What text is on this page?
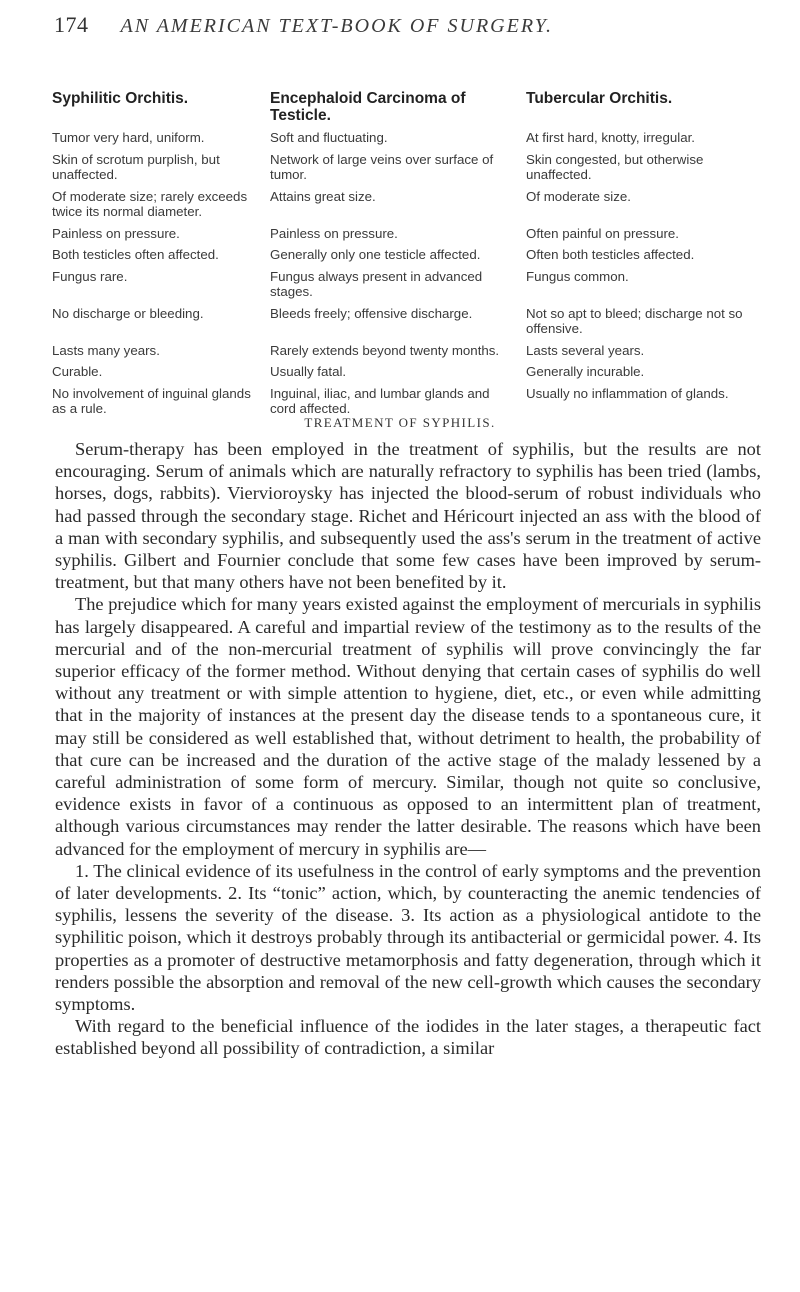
174 AN AMERICAN TEXT-BOOK OF SURGERY.
Syphilitic Orchitis.	Encephaloid Carcinoma of Testicle.	Tubercular Orchitis.
Tumor very hard, uniform.	Soft and fluctuating.	At first hard, knotty, irregular.
Skin of scrotum purplish, but unaffected.	Network of large veins over surface of tumor.	Skin congested, but otherwise unaffected.
Of moderate size; rarely exceeds twice its normal diameter.	Attains great size.	Of moderate size.
Painless on pressure.	Painless on pressure.	Often painful on pressure.
Both testicles often affected.	Generally only one testicle affected.	Often both testicles affected.
Fungus rare.	Fungus always present in advanced stages.	Fungus common.
No discharge or bleeding.	Bleeds freely; offensive discharge.	Not so apt to bleed; discharge not so offensive.
Lasts many years.	Rarely extends beyond twenty months.	Lasts several years.
Curable.	Usually fatal.	Generally incurable.
No involvement of inguinal glands as a rule.	Inguinal, iliac, and lumbar glands and cord affected.	Usually no inflammation of glands.
TREATMENT OF SYPHILIS.

Serum-therapy has been employed in the treatment of syphilis, but the results are not encouraging. Serum of animals which are naturally refractory to syphilis has been tried (lambs, horses, dogs, rabbits). Viervioroysky has injected the blood-serum of robust individuals who had passed through the secondary stage. Richet and Héricourt injected an ass with the blood of a man with secondary syphilis, and subsequently used the ass's serum in the treatment of active syphilis. Gilbert and Fournier conclude that some few cases have been improved by serum-treatment, but that many others have not been benefited by it.

The prejudice which for many years existed against the employment of mercurials in syphilis has largely disappeared. A careful and impartial review of the testimony as to the results of the mercurial and of the non-mercurial treatment of syphilis will prove convincingly the far superior efficacy of the former method. Without denying that certain cases of syphilis do well without any treatment or with simple attention to hygiene, diet, etc., or even while admitting that in the majority of instances at the present day the disease tends to a spontaneous cure, it may still be considered as well established that, without detriment to health, the probability of that cure can be increased and the duration of the active stage of the malady lessened by a careful administration of some form of mercury. Similar, though not quite so conclusive, evidence exists in favor of a continuous as opposed to an intermittent plan of treatment, although various circumstances may render the latter desirable. The reasons which have been advanced for the employment of mercury in syphilis are—

1. The clinical evidence of its usefulness in the control of early symptoms and the prevention of later developments. 2. Its “tonic” action, which, by counteracting the anemic tendencies of syphilis, lessens the severity of the disease. 3. Its action as a physiological antidote to the syphilitic poison, which it destroys probably through its antibacterial or germicidal power. 4. Its properties as a promoter of destructive metamorphosis and fatty degeneration, through which it renders possible the absorption and removal of the new cell-growth which causes the secondary symptoms.

With regard to the beneficial influence of the iodides in the later stages, a therapeutic fact established beyond all possibility of contradiction, a similar
